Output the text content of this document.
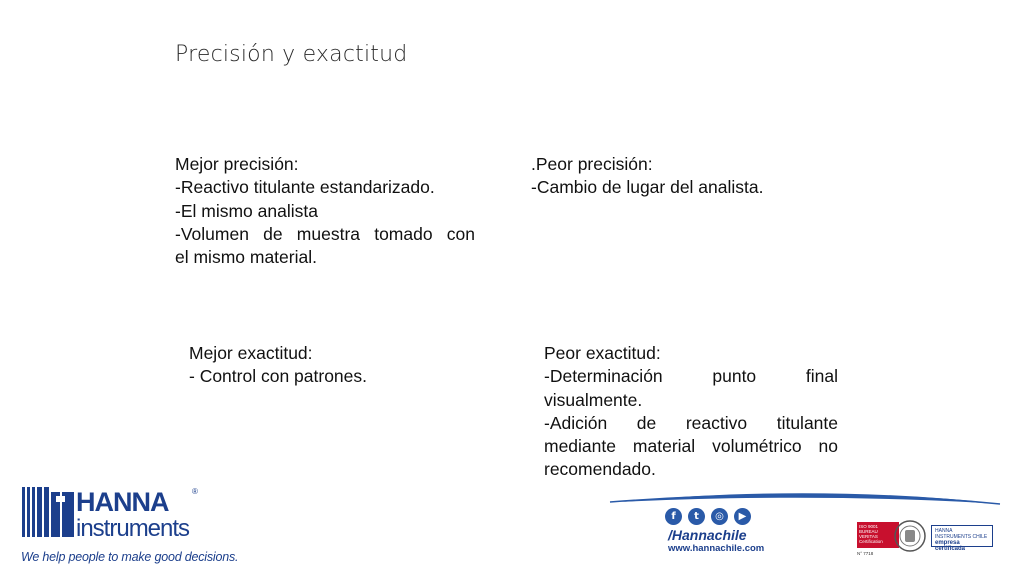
Precisión y exactitud
Mejor precisión:
-Reactivo titulante estandarizado.
-El mismo analista
-Volumen de muestra tomado con
el mismo material.
.Peor precisión:
-Cambio de lugar del analista.
Mejor exactitud:
- Control con patrones.
Peor exactitud:
-Determinación punto final
visualmente.
-Adición de reactivo titulante
mediante material volumétrico no
recomendado.
HANNA	®
instruments
We help people to make good decisions.
f	t	◎	▶
/Hannachile
www.hannachile.com
ISO 9001 BUREAU VERITAS Certification
N° 7718
HANNA INSTRUMENTS CHILE
empresa certificada
